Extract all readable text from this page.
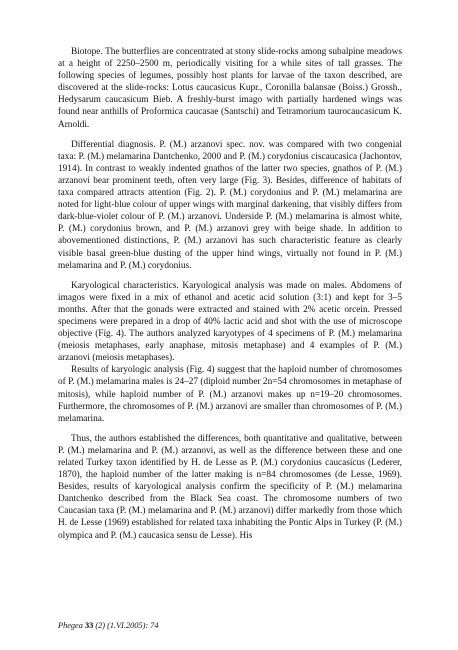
Biotope. The butterflies are concentrated at stony slide-rocks among subalpine meadows at a height of 2250–2500 m, periodically visiting for a while sites of tall grasses. The following species of legumes, possibly host plants for larvae of the taxon described, are discovered at the slide-rocks: Lotus caucasicus Kupr., Coronilla balansae (Boiss.) Grossh., Hedysarum caucasicum Bieb. A freshly-burst imago with partially hardened wings was found near anthills of Proformica caucasae (Santschi) and Tetramorium taurocaucasicum K. Arnoldi.

Differential diagnosis. P. (M.) arzanovi spec. nov. was compared with two congenial taxa: P. (M.) melamarina Dantchenko, 2000 and P. (M.) corydonius ciscaucasica (Jachontov, 1914). In contrast to weakly indented gnathos of the latter two species, gnathos of P. (M.) arzanovi bear prominent teeth, often very large (Fig. 3). Besides, difference of habitats of taxa compared attracts attention (Fig. 2). P. (M.) corydonius and P. (M.) melamarina are noted for light-blue colour of upper wings with marginal darkening, that visibly differs from dark-blue-violet colour of P. (M.) arzanovi. Underside P. (M.) melamarina is almost white, P. (M.) corydonius brown, and P. (M.) arzanovi grey with beige shade. In addition to abovementioned distinctions, P. (M.) arzanovi has such characteristic feature as clearly visible basal green-blue dusting of the upper hind wings, virtually not found in P. (M.) melamarina and P. (M.) corydonius.

Karyological characteristics. Karyological analysis was made on males. Abdomens of imagos were fixed in a mix of ethanol and acetic acid solution (3:1) and kept for 3–5 months. After that the gonads were extracted and stained with 2% acetic orcein. Pressed specimens were prepared in a drop of 40% lactic acid and shot with the use of microscope objective (Fig. 4). The authors analyzed karyotypes of 4 specimens of P. (M.) melamarina (meiosis metaphases, early anaphase, mitosis metaphase) and 4 examples of P. (M.) arzanovi (meiosis metaphases).

Results of karyologic analysis (Fig. 4) suggest that the haploid number of chromosomes of P. (M.) melamarina males is 24–27 (diploid number 2n=54 chromosomes in metaphase of mitosis), while haploid number of P. (M.) arzanovi makes up n=19–20 chromosomes. Furthermore, the chromosomes of P. (M.) arzanovi are smaller than chromosomes of P. (M.) melamarina.

Thus, the authors established the differences, both quantitative and qualitative, between P. (M.) melamarina and P. (M.) arzanovi, as well as the difference between these and one related Turkey taxon identified by H. de Lesse as P. (M.) corydonius caucasicus (Lederer, 1870), the haploid number of the latter making is n=84 chromosomes (de Lesse, 1969). Besides, results of karyological analysis confirm the specificity of P. (M.) melamarina Dantchenko described from the Black Sea coast. The chromosome numbers of two Caucasian taxa (P. (M.) melamarina and P. (M.) arzanovi) differ markedly from those which H. de Lesse (1969) established for related taxa inhabiting the Pontic Alps in Turkey (P. (M.) olympica and P. (M.) caucasica sensu de Lesse). His

Phegea 33 (2) (1.VI.2005): 74
